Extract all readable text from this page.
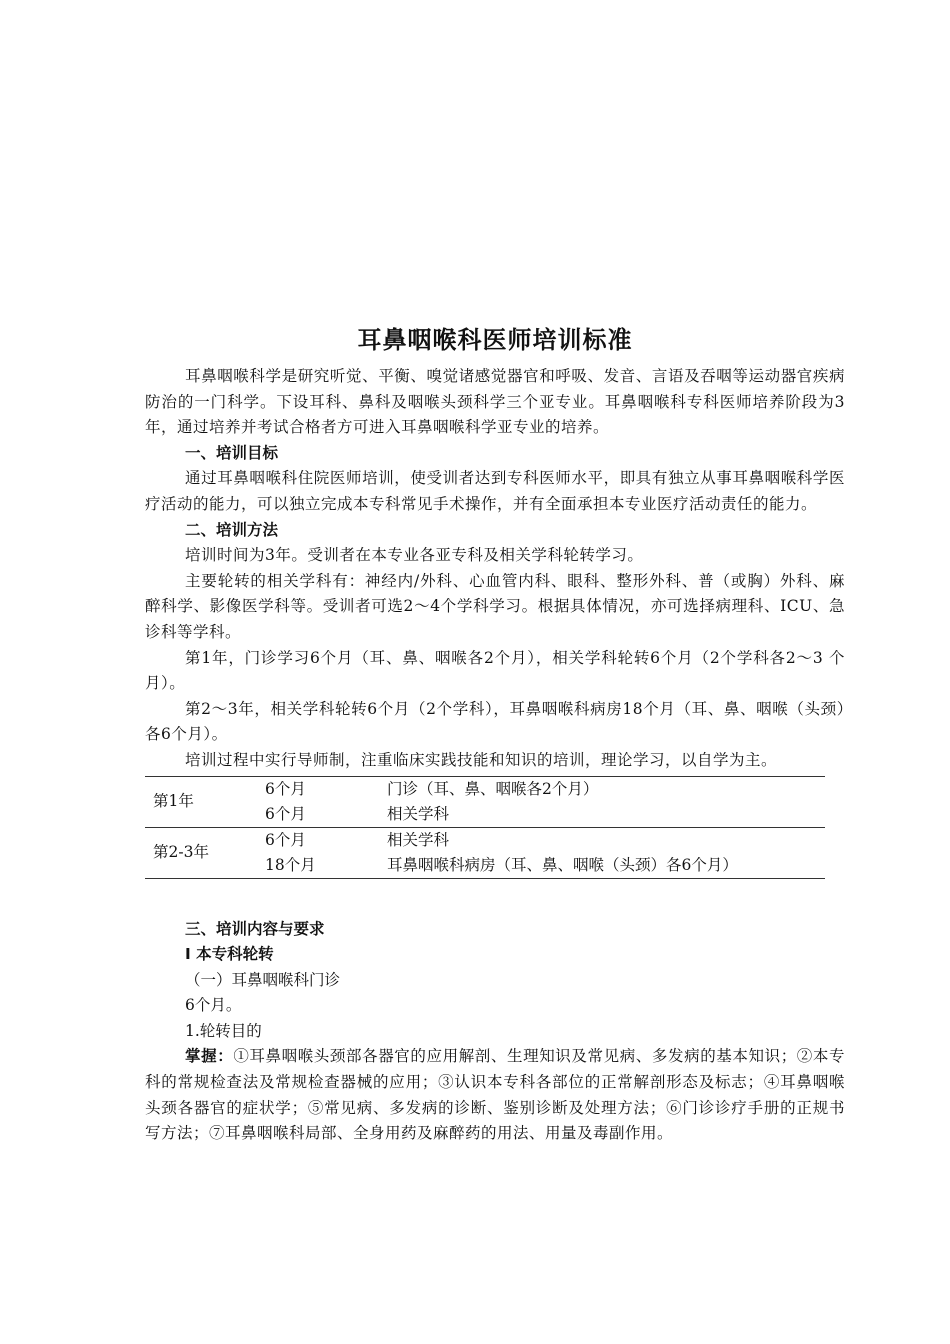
耳鼻咽喉科医师培训标准

耳鼻咽喉科学是研究听觉、平衡、嗅觉诸感觉器官和呼吸、发音、言语及吞咽等运动器官疾病防治的一门科学。下设耳科、鼻科及咽喉头颈科学三个亚专业。耳鼻咽喉科专科医师培养阶段为3年，通过培养并考试合格者方可进入耳鼻咽喉科学亚专业的培养。

一、培训目标

通过耳鼻咽喉科住院医师培训，使受训者达到专科医师水平，即具有独立从事耳鼻咽喉科学医疗活动的能力，可以独立完成本专科常见手术操作，并有全面承担本专业医疗活动责任的能力。

二、培训方法

培训时间为3年。受训者在本专业各亚专科及相关学科轮转学习。

主要轮转的相关学科有：神经内/外科、心血管内科、眼科、整形外科、普（或胸）外科、麻醉科学、影像医学科等。受训者可选2～4个学科学习。根据具体情况，亦可选择病理科、ICU、急诊科等学科。

第1年，门诊学习6个月（耳、鼻、咽喉各2个月），相关学科轮转6个月（2个学科各2～3 个月）。

第2～3年，相关学科轮转6个月（2个学科），耳鼻咽喉科病房18个月（耳、鼻、咽喉（头颈）各6个月）。

培训过程中实行导师制，注重临床实践技能和知识的培训，理论学习，以自学为主。

第1年	6个月	门诊（耳、鼻、咽喉各2个月）
	6个月	相关学科
第2-3年	6个月	相关学科
	18个月	耳鼻咽喉科病房（耳、鼻、咽喉（头颈）各6个月）

三、培训内容与要求

Ⅰ 本专科轮转

（一）耳鼻咽喉科门诊

6个月。

1.轮转目的

掌握：①耳鼻咽喉头颈部各器官的应用解剖、生理知识及常见病、多发病的基本知识；②本专科的常规检查法及常规检查器械的应用；③认识本专科各部位的正常解剖形态及标志；④耳鼻咽喉头颈各器官的症状学；⑤常见病、多发病的诊断、鉴别诊断及处理方法；⑥门诊诊疗手册的正规书写方法；⑦耳鼻咽喉科局部、全身用药及麻醉药的用法、用量及毒副作用。
